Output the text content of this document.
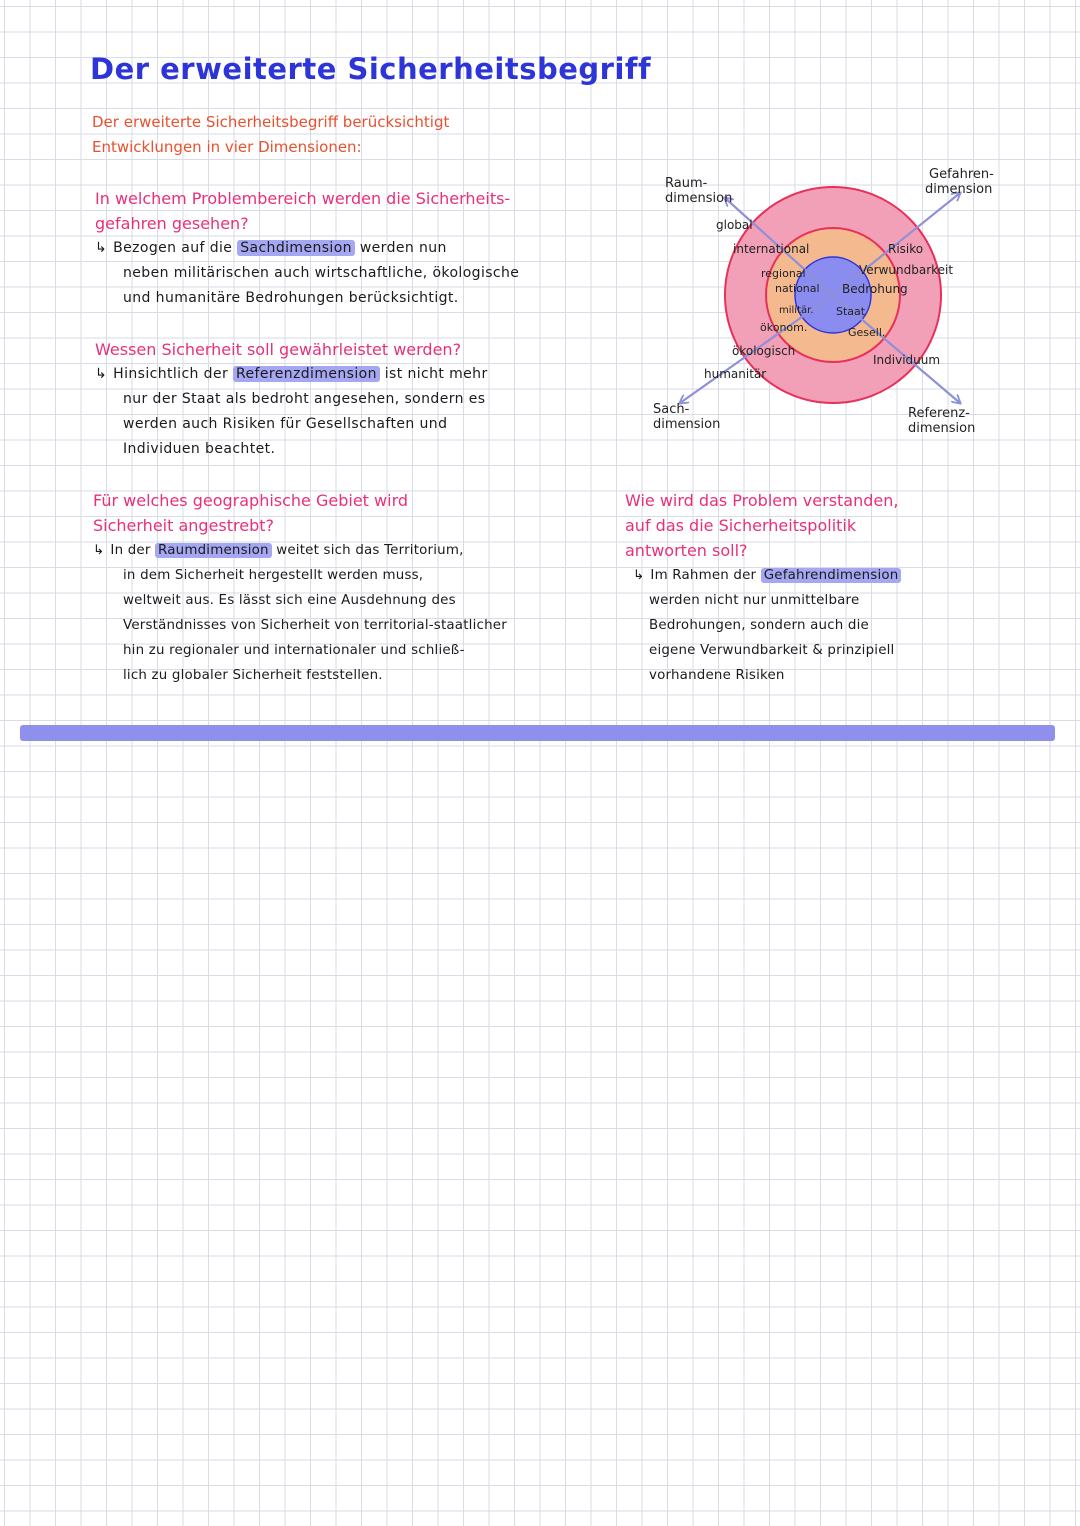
Der erweiterte Sicherheitsbegriff
Der erweiterte Sicherheitsbegriff berücksichtigt
Entwicklungen in vier Dimensionen:
In welchem Problembereich werden die Sicherheits-
gefahren gesehen?
↳ Bezogen auf die Sachdimension werden nun
neben militärischen auch wirtschaftliche, ökologische
und humanitäre Bedrohungen berücksichtigt.
Wessen Sicherheit soll gewährleistet werden?
↳ Hinsichtlich der Referenzdimension ist nicht mehr
nur der Staat als bedroht angesehen, sondern es
werden auch Risiken für Gesellschaften und
Individuen beachtet.
Für welches geographische Gebiet wird
Sicherheit angestrebt?
↳ In der Raumdimension weitet sich das Territorium,
in dem Sicherheit hergestellt werden muss,
weltweit aus. Es lässt sich eine Ausdehnung des
Verständnisses von Sicherheit von territorial-staatlicher
hin zu regionaler und internationaler und schließ-
lich zu globaler Sicherheit feststellen.
Wie wird das Problem verstanden,
auf das die Sicherheitspolitik
antworten soll?
↳ Im Rahmen der Gefahrendimension
werden nicht nur unmittelbare
Bedrohungen, sondern auch die
eigene Verwundbarkeit & prinzipiell
vorhandene Risiken
Raum-
dimension
Gefahren-
dimension
Sach-
dimension
Referenz-
dimension
global
international
regional
national
Risiko
Verwundbarkeit
Bedrohung
militär. Staat
ökonom.	Gesell.
ökologisch
Individuum
humanitär
